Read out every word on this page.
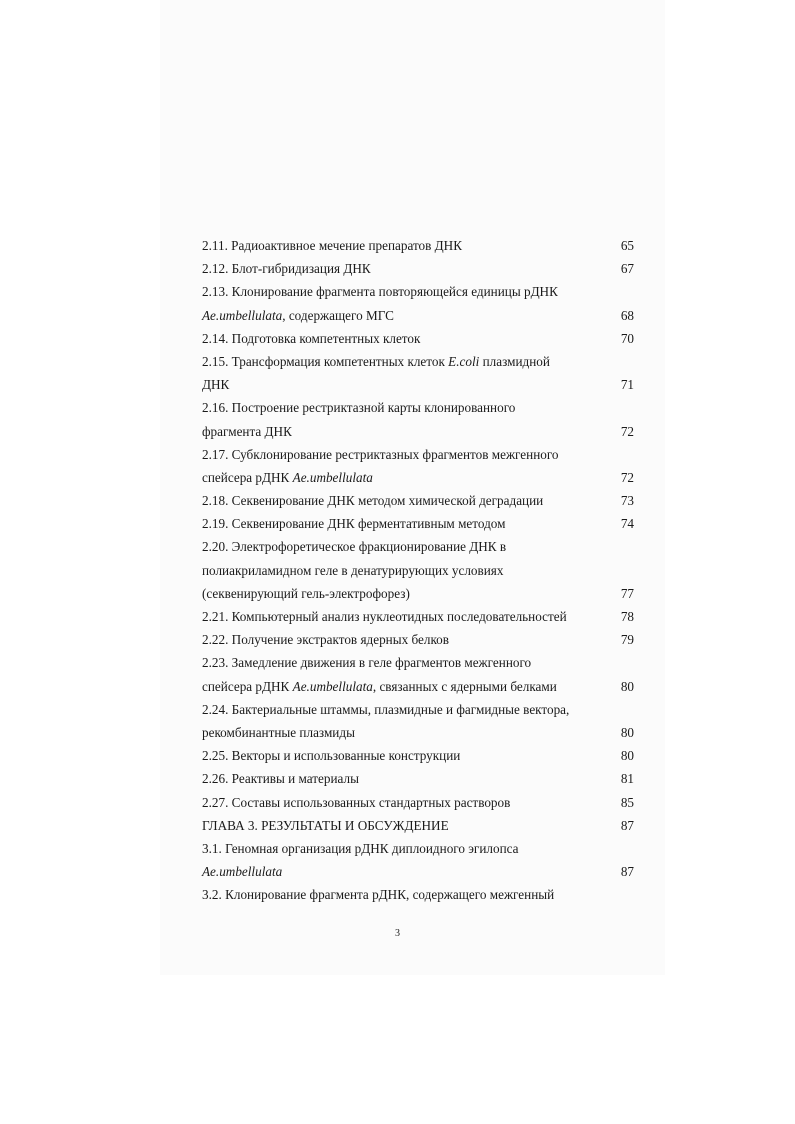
2.11. Радиоактивное мечение препаратов ДНК	65
2.12. Блот-гибридизация ДНК	67
2.13. Клонирование фрагмента повторяющейся единицы рДНК
Ae.umbellulata, содержащего МГС	68
2.14. Подготовка компетентных клеток	70
2.15. Трансформация компетентных клеток E.coli плазмидной
ДНК	71
2.16. Построение рестриктазной карты клонированного
фрагмента ДНК	72
2.17. Субклонирование рестриктазных фрагментов межгенного
спейсера рДНК Ae.umbellulata	72
2.18. Секвенирование ДНК методом химической деградации	73
2.19. Секвенирование ДНК ферментативным методом	74
2.20. Электрофоретическое фракционирование ДНК в
полиакриламидном геле в денатурирующих условиях
(секвенирующий гель-электрофорез)	77
2.21. Компьютерный анализ нуклеотидных последовательностей	78
2.22. Получение экстрактов ядерных белков	79
2.23. Замедление движения в геле фрагментов межгенного
спейсера рДНК Ae.umbellulata, связанных с ядерными белками	80
2.24. Бактериальные штаммы, плазмидные и фагмидные вектора,
рекомбинантные плазмиды	80
2.25. Векторы и использованные конструкции	80
2.26. Реактивы и материалы	81
2.27. Составы использованных стандартных растворов	85
ГЛАВА 3. РЕЗУЛЬТАТЫ И ОБСУЖДЕНИЕ	87
3.1. Геномная организация рДНК диплоидного эгилопса
Ae.umbellulata	87
3.2. Клонирование фрагмента рДНК, содержащего межгенный
3
